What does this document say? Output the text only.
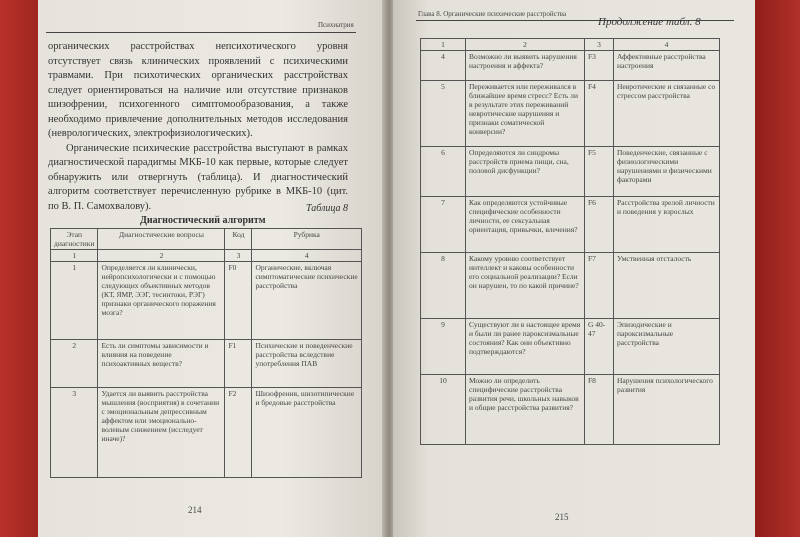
Психиатрия

органических расстройствах непсихотического уровня отсутствует связь клинических проявлений с психическими травмами. При психотических органических расстройствах следует ориентироваться на наличие или отсутствие признаков шизофрении, психогенного симптомообразования, а также необходимо привлечение дополнительных методов исследования (неврологических, электрофизиологических).

Органические психические расстройства выступают в рамках диагностической парадигмы МКБ-10 как первые, которые следует обнаружить или отвергнуть (таблица). И диагностический алгоритм соответствует перечисленную рубрике в МКБ-10 (цит. по В. П. Самохвалову).	Таблица 8
Диагностический алгоритм
Этап диагностики	Диагностические вопросы	Код	Рубрика
1	2	3	4
1	Определяется ли клинически, нейропсихологически и с помощью следующих объективных методов (КТ, ЯМР, ЭЭГ, тесинтоки, РЭГ) признаки органического поражения мозга?	F0	Органические, включая симптоматические психические расстройства
2	Есть ли симптомы зависимости и влияния на поведение психоактивных веществ?	F1	Психические и поведенческие расстройства вследствие употребления ПАВ
3	Удается ли выявить расстройства мышления (восприятия) в сочетании с эмоциональным депрессивным аффектом или эмоционально-волевым снижением (исследует иначе)?	F2	Шизофрения, шизотипические и бредовые расстройства
214
Глава 8. Органические психические расстройства
Продолжение табл. 8
1	2	3	4
4	Возможно ли выявить нарушения настроения и аффекта?	F3	Аффективные расстройства настроения
5	Переживается или переживался в ближайшее время стресс? Есть ли в результате этих переживаний невротические нарушения и признаки соматической конверсии?	F4	Невротические и связанные со стрессом расстройства
6	Определяются ли синдромы расстройств приема пищи, сна, половой дисфункции?	F5	Поведенческие, связанные с физиологическими нарушениями и физическими факторами
7	Как определяются устойчивые специфические особенности личности, ее сексуальная ориентация, привычки, влечения?	F6	Расстройства зрелой личности и поведения у взрослых
8	Какому уровню соответствует интеллект и каковы особенности его социальной реализации? Если он нарушен, то по какой причине?	F7	Умственная отсталость
9	Существуют ли в настоящее время и были ли ранее пароксизмальные состояния? Как они объективно подтверждаются?	G 40-47	Эпизодические и пароксизмальные расстройства
10	Можно ли определить специфические расстройства развития речи, школьных навыков и общие расстройства развития?	F8	Нарушения психологического развития
215
